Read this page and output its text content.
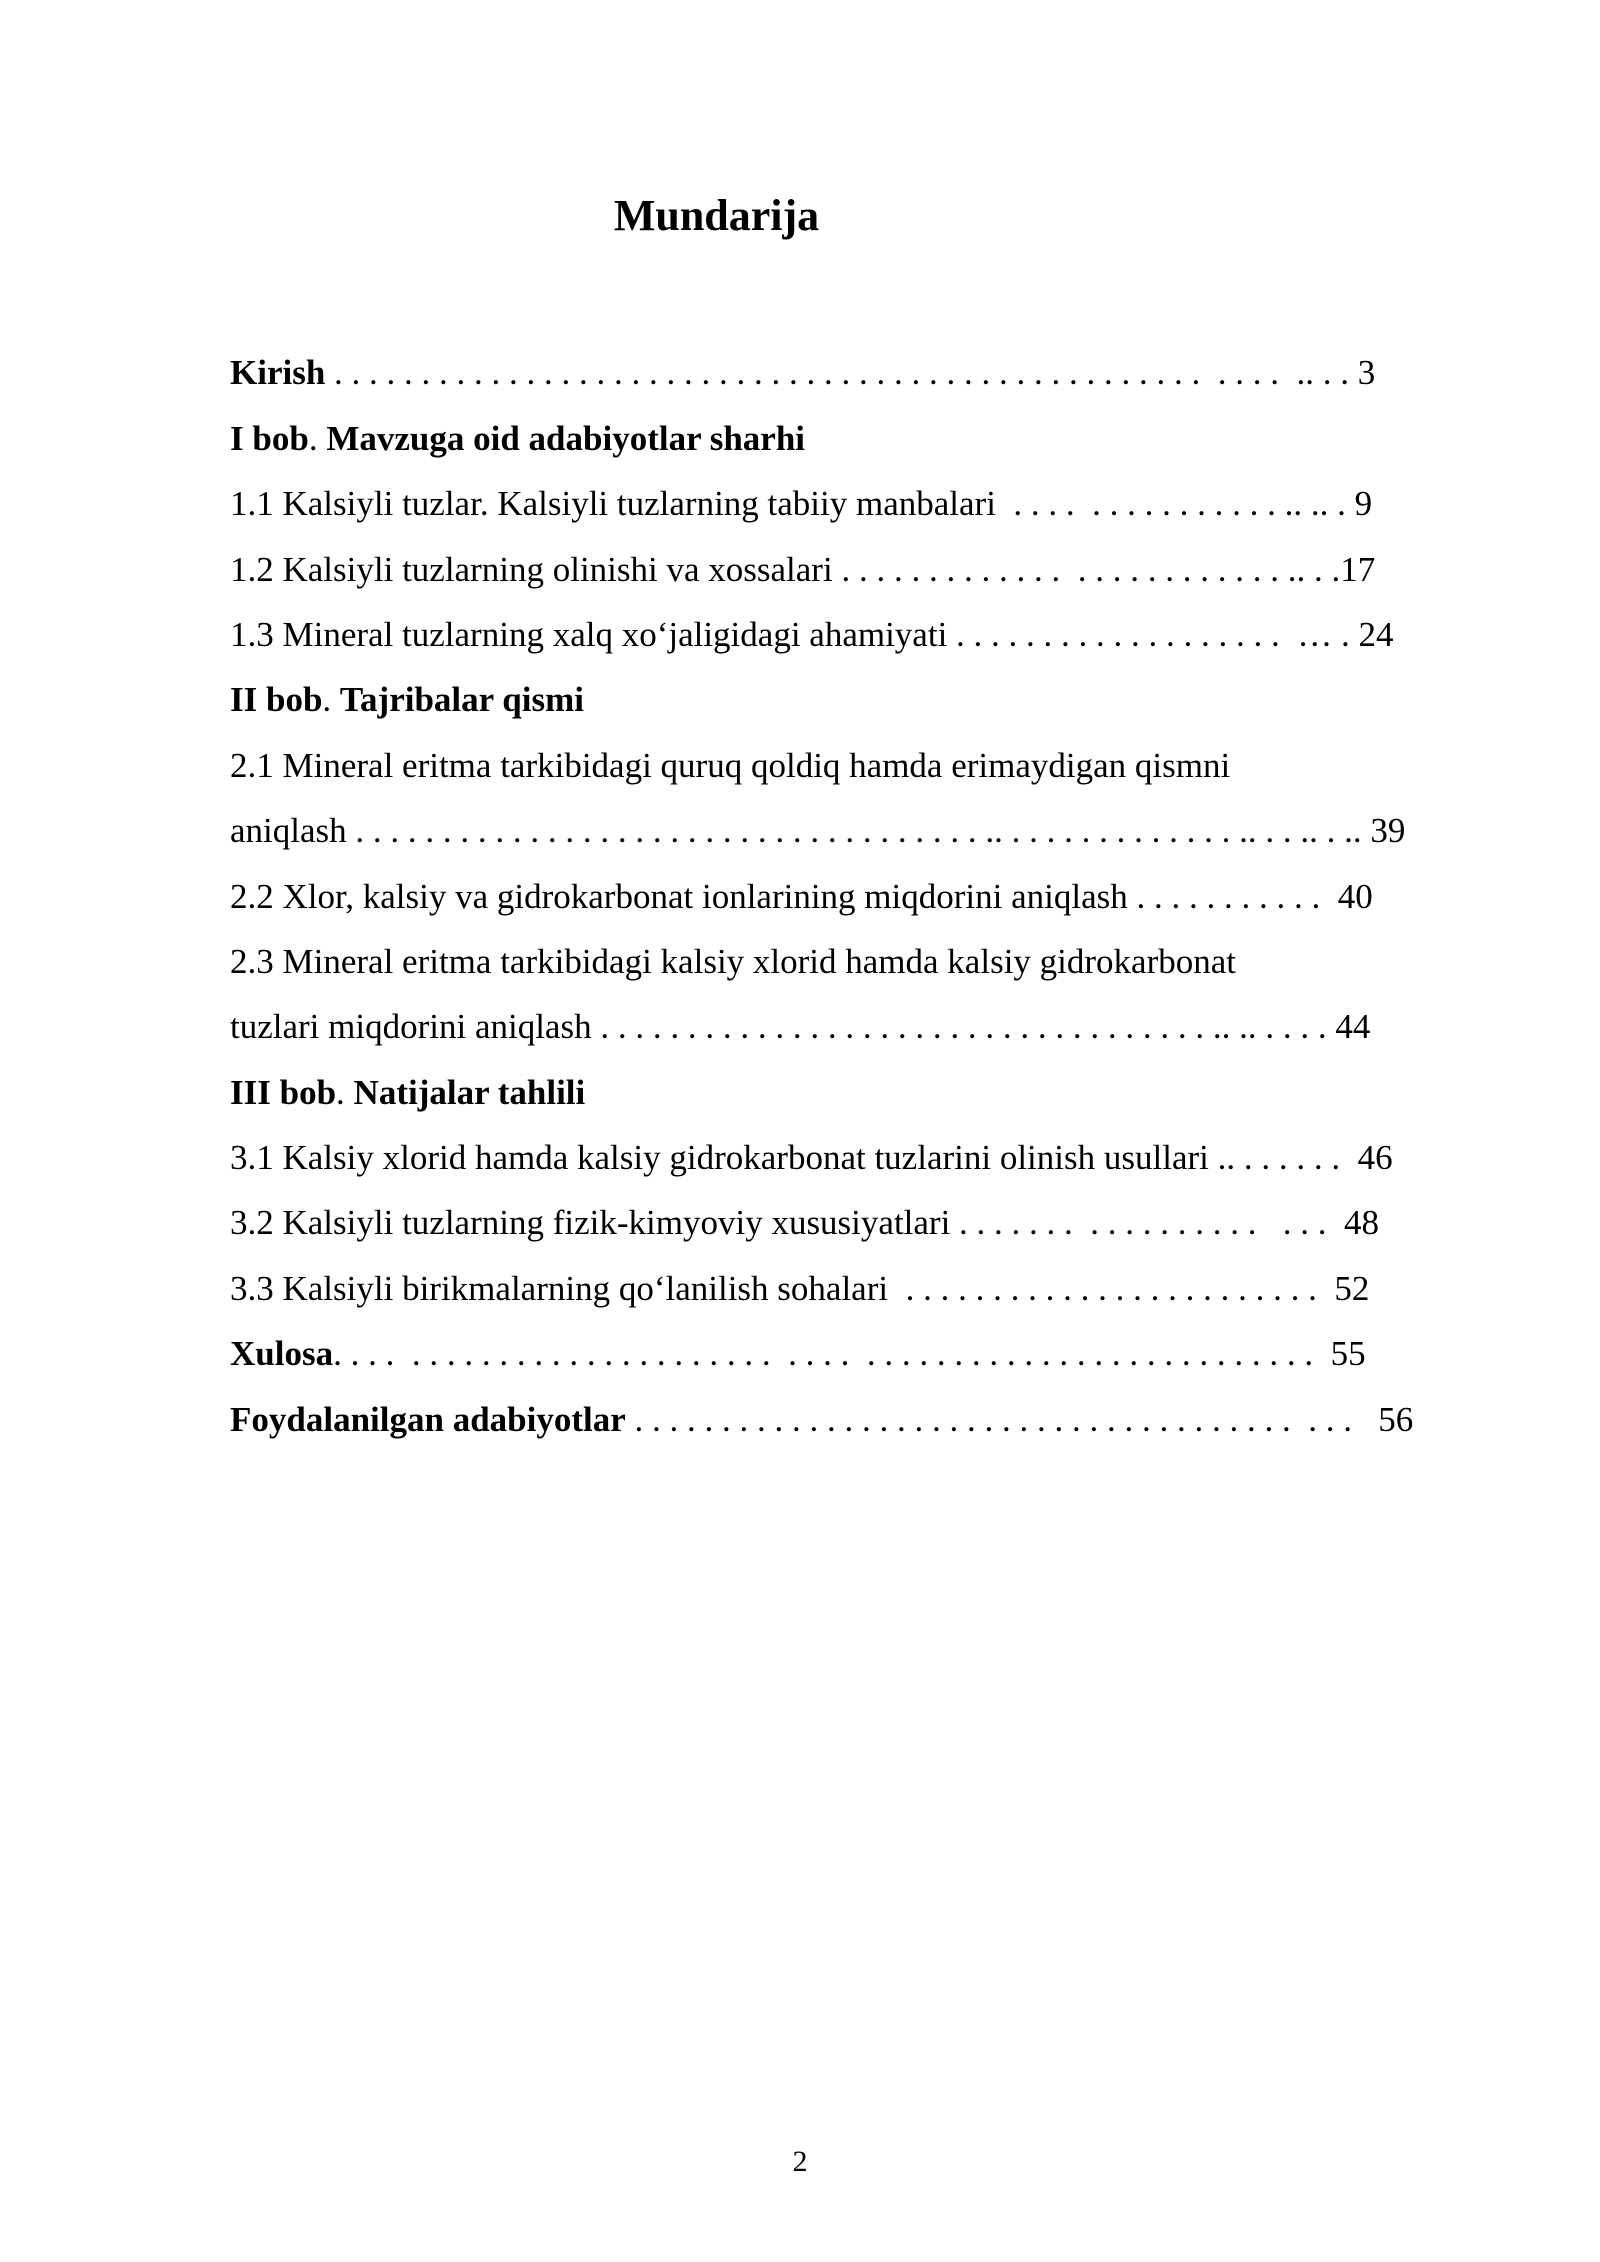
Mundarija
Kirish . . . . . . . . . . . . . . . . . . . . . . . . . . . . . . . . . . . . . . . . . . . . . . . . . .  . . . .  .. . . 3
I bob . Mavzuga oid adabiyotlar sharhi
1.1 Kalsiyli tuzlar. Kalsiyli tuzlarning tabiiy manbalari  . . . .  . . . . . . . . . . . .. .. . 9
1.2 Kalsiyli tuzlarning olinishi va xossalari . . . . . . . . . . . . .  . . . . . . . . . . . . .. . .17
1.3 Mineral tuzlarning xalq xo‘jaligidagi ahamiyati . . . . . . . . . . . . . . . . . . .  … . 24
II bob . Tajribalar qismi
2.1 Mineral eritma tarkibidagi quruq qoldiq hamda erimaydigan qismni
aniqlash . . . . . . . . . . . . . . . . . . . . . . . . . . . . . . . . . . . . .. . . . . . . . . . . . . . .. . . .. . .. 39
2.2 Xlor, kalsiy va gidrokarbonat ionlarining miqdorini aniqlash . . . . . . . . . . .  40
2.3 Mineral eritma tarkibidagi kalsiy xlorid hamda kalsiy gidrokarbonat
tuzlari miqdorini aniqlash . . . . . . . . . . . . . . . . . . . . . . . . . . . . . . . . . . . .. .. . . . . 44
III bob . Natijalar tahlili
3.1 Kalsiy xlorid hamda kalsiy gidrokarbonat tuzlarini olinish usullari .. . . . . . .  46
3.2 Kalsiyli tuzlarning fizik-kimyoviy xususiyatlari . . . . . . .  . . . . . . . . . .   . . .  48
3.3 Kalsiyli birikmalarning qo‘lanilish sohalari  . . . . . . . . . . . . . . . . . . . . . . . .  52
Xulosa . . . .  . . . . . . . . . . . . . . . . . . . . .  . . . .  . . . . . . . . . . . . . . . . . . . . . . . . . .  55
Foydalanilgan adabiyotlar . . . . . . . . . . . . . . . . . . . . . . . . . . . . . . . . . . . . . .  . . .   56
2
